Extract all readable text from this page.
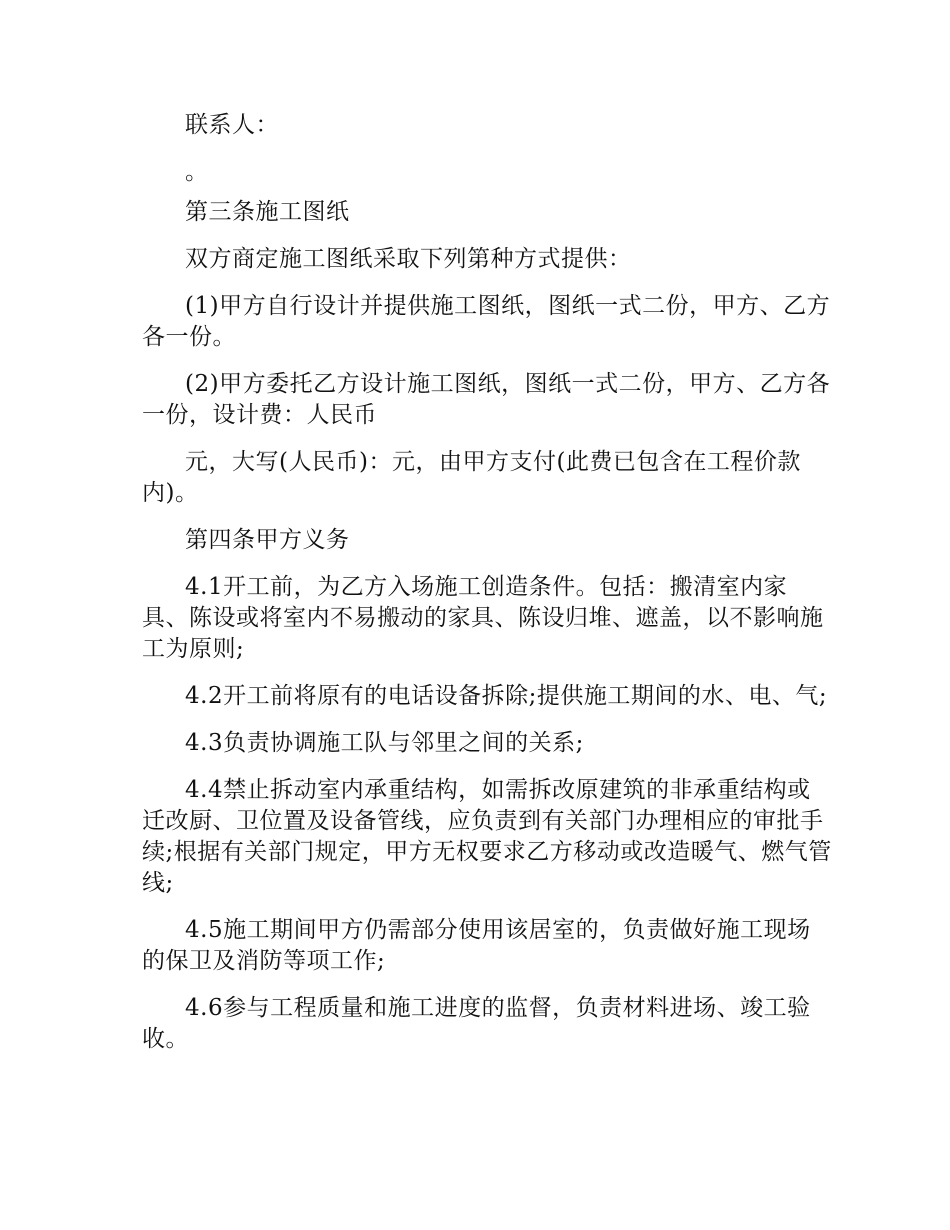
联系人：

。

第三条施工图纸

双方商定施工图纸采取下列第种方式提供：

(1)甲方自行设计并提供施工图纸，图纸一式二份，甲方、乙方各一份。

(2)甲方委托乙方设计施工图纸，图纸一式二份，甲方、乙方各一份，设计费：人民币

元，大写(人民币)：元，由甲方支付(此费已包含在工程价款内)。

第四条甲方义务

4.1开工前，为乙方入场施工创造条件。包括：搬清室内家具、陈设或将室内不易搬动的家具、陈设归堆、遮盖，以不影响施工为原则;

4.2开工前将原有的电话设备拆除;提供施工期间的水、电、气;

4.3负责协调施工队与邻里之间的关系;

4.4禁止拆动室内承重结构，如需拆改原建筑的非承重结构或迁改厨、卫位置及设备管线，应负责到有关部门办理相应的审批手续;根据有关部门规定，甲方无权要求乙方移动或改造暖气、燃气管线;

4.5施工期间甲方仍需部分使用该居室的，负责做好施工现场的保卫及消防等项工作;

4.6参与工程质量和施工进度的监督，负责材料进场、竣工验收。
